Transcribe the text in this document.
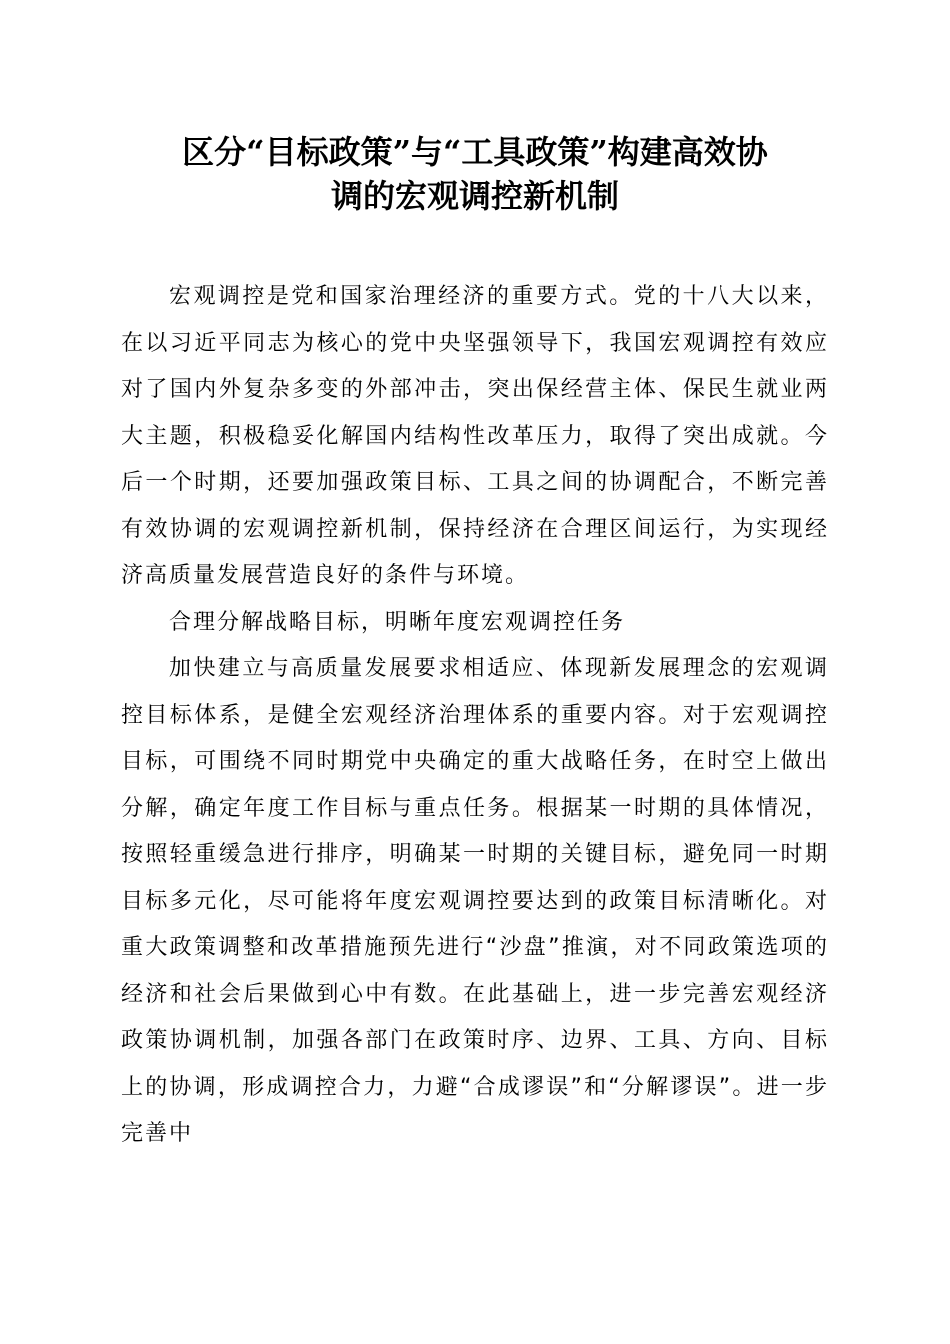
区分“目标政策”与“工具政策”构建高效协
调的宏观调控新机制

宏观调控是党和国家治理经济的重要方式。党的十八大以来，在以习近平同志为核心的党中央坚强领导下，我国宏观调控有效应对了国内外复杂多变的外部冲击，突出保经营主体、保民生就业两大主题，积极稳妥化解国内结构性改革压力，取得了突出成就。今后一个时期，还要加强政策目标、工具之间的协调配合，不断完善有效协调的宏观调控新机制，保持经济在合理区间运行，为实现经济高质量发展营造良好的条件与环境。

合理分解战略目标，明晰年度宏观调控任务

加快建立与高质量发展要求相适应、体现新发展理念的宏观调控目标体系，是健全宏观经济治理体系的重要内容。对于宏观调控目标，可围绕不同时期党中央确定的重大战略任务，在时空上做出分解，确定年度工作目标与重点任务。根据某一时期的具体情况，按照轻重缓急进行排序，明确某一时期的关键目标，避免同一时期目标多元化，尽可能将年度宏观调控要达到的政策目标清晰化。对重大政策调整和改革措施预先进行“沙盘”推演，对不同政策选项的经济和社会后果做到心中有数。在此基础上，进一步完善宏观经济政策协调机制，加强各部门在政策时序、边界、工具、方向、目标上的协调，形成调控合力，力避“合成谬误”和“分解谬误”。进一步完善中
